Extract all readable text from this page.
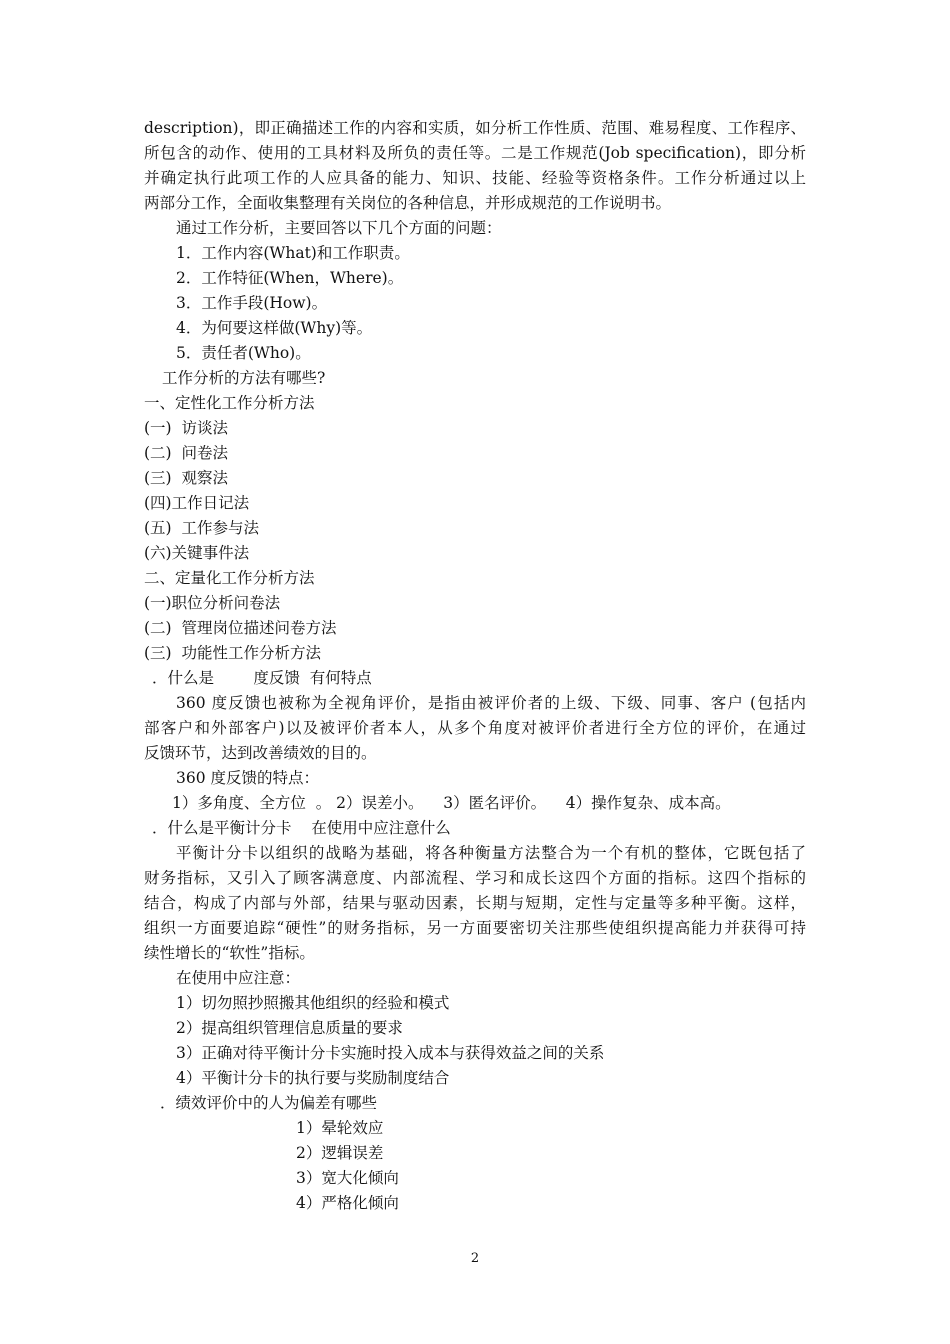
description)，即正确描述工作的内容和实质，如分析工作性质、范围、难易程度、工作程序、
所包含的动作、使用的工具材料及所负的责任等。二是工作规范(Job specification)，即分析
并确定执行此项工作的人应具备的能力、知识、技能、经验等资格条件。工作分析通过以上
两部分工作，全面收集整理有关岗位的各种信息，并形成规范的工作说明书。
通过工作分析，主要回答以下几个方面的问题：
1．工作内容(What)和工作职责。
2．工作特征(When，Where)。
3．工作手段(How)。
4．为何要这样做(Why)等。
5．责任者(Who)。
工作分析的方法有哪些?
一、定性化工作分析方法
(一)  访谈法
(二)  问卷法
(三)  观察法
(四)工作日记法
(五)  工作参与法
(六)关键事件法
二、定量化工作分析方法
(一)职位分析问卷法
(二)  管理岗位描述问卷方法
(三)  功能性工作分析方法
．什么是        度反馈  有何特点
360 度反馈也被称为全视角评价，是指由被评价者的上级、下级、同事、客户 (包括内
部客户和外部客户)以及被评价者本人，从多个角度对被评价者进行全方位的评价，在通过
反馈环节，达到改善绩效的目的。
360 度反馈的特点：
1）多角度、全方位  。 2）误差小。    3）匿名评价。    4）操作复杂、成本高。
．什么是平衡计分卡    在使用中应注意什么
平衡计分卡以组织的战略为基础，将各种衡量方法整合为一个有机的整体，它既包括了
财务指标，又引入了顾客满意度、内部流程、学习和成长这四个方面的指标。这四个指标的
结合，构成了内部与外部，结果与驱动因素，长期与短期，定性与定量等多种平衡。这样，
组织一方面要追踪“硬性”的财务指标，另一方面要密切关注那些使组织提高能力并获得可持
续性增长的“软性”指标。
在使用中应注意：
1）切勿照抄照搬其他组织的经验和模式
2）提高组织管理信息质量的要求
3）正确对待平衡计分卡实施时投入成本与获得效益之间的关系
4）平衡计分卡的执行要与奖励制度结合
．绩效评价中的人为偏差有哪些
1）晕轮效应
2）逻辑误差
3）宽大化倾向
4）严格化倾向
2
